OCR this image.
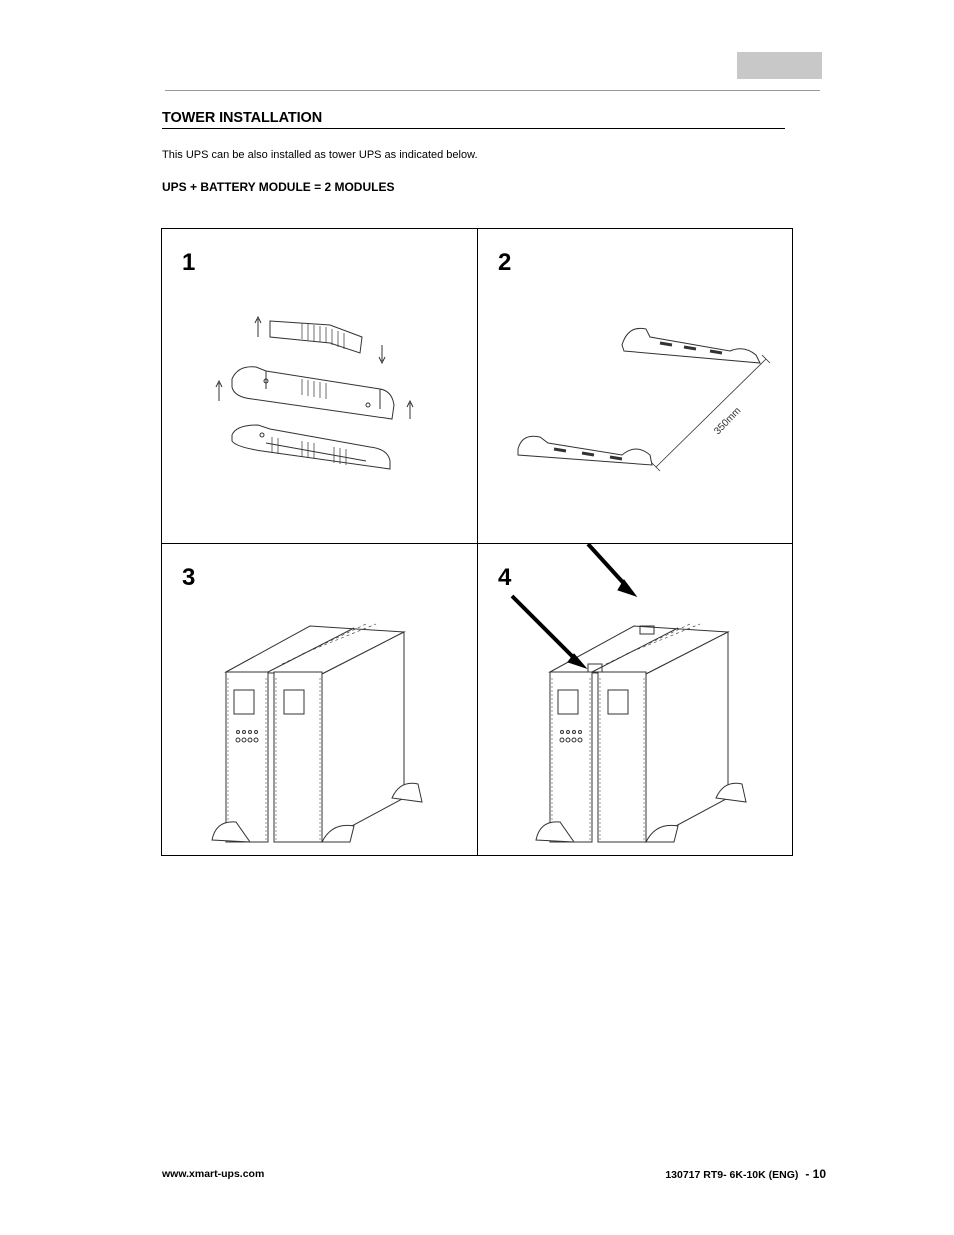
TOWER INSTALLATION
This UPS can be also installed as tower UPS as indicated below.
UPS + BATTERY MODULE = 2 MODULES
1	2
350mm
3	4
www.xmart-ups.com	130717 RT9- 6K-10K (ENG) - 10
